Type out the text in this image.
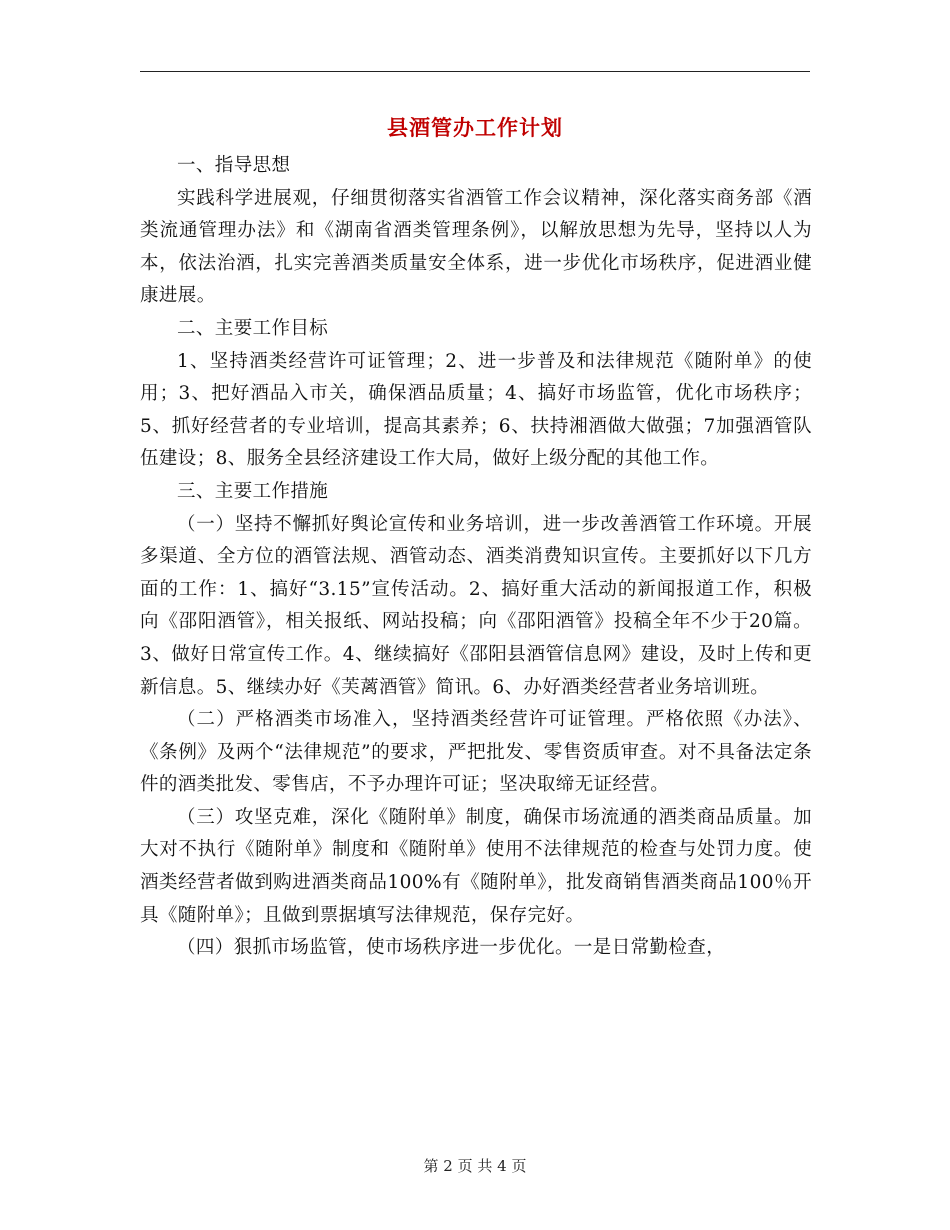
县酒管办工作计划

一、指导思想

实践科学进展观，仔细贯彻落实省酒管工作会议精神，深化落实商务部《酒类流通管理办法》和《湖南省酒类管理条例》，以解放思想为先导，坚持以人为本，依法治酒，扎实完善酒类质量安全体系，进一步优化市场秩序，促进酒业健康进展。

二、主要工作目标

1、坚持酒类经营许可证管理；2、进一步普及和法律规范《随附单》的使用；3、把好酒品入市关，确保酒品质量；4、搞好市场监管，优化市场秩序；5、抓好经营者的专业培训，提高其素养；6、扶持湘酒做大做强；7加强酒管队伍建设；8、服务全县经济建设工作大局，做好上级分配的其他工作。

三、主要工作措施

（一）坚持不懈抓好舆论宣传和业务培训，进一步改善酒管工作环境。开展多渠道、全方位的酒管法规、酒管动态、酒类消费知识宣传。主要抓好以下几方面的工作：1、搞好“3.15”宣传活动。2、搞好重大活动的新闻报道工作，积极向《邵阳酒管》，相关报纸、网站投稿；向《邵阳酒管》投稿全年不少于20篇。3、做好日常宣传工作。4、继续搞好《邵阳县酒管信息网》建设，及时上传和更新信息。5、继续办好《芙蓠酒管》简讯。6、办好酒类经营者业务培训班。

（二）严格酒类市场准入，坚持酒类经营许可证管理。严格依照《办法》、《条例》及两个“法律规范”的要求，严把批发、零售资质审查。对不具备法定条件的酒类批发、零售店，不予办理许可证；坚决取缔无证经营。

（三）攻坚克难，深化《随附单》制度，确保市场流通的酒类商品质量。加大对不执行《随附单》制度和《随附单》使用不法律规范的检查与处罚力度。使酒类经营者做到购进酒类商品100%有《随附单》，批发商销售酒类商品100％开具《随附单》；且做到票据填写法律规范，保存完好。

（四）狠抓市场监管，使市场秩序进一步优化。一是日常勤检查，

第 2 页 共 4 页
